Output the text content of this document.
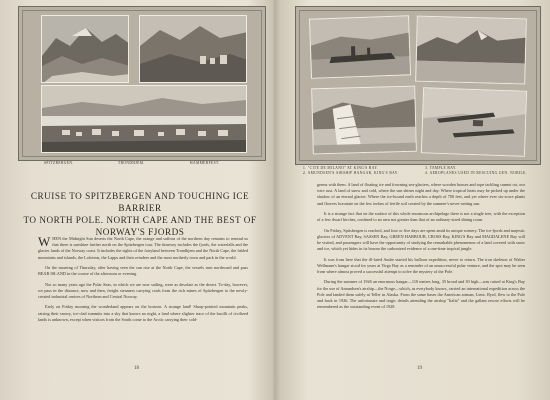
SPITZBERGEN.	TRONDHJEM.	HAMMERFEST.
CRUISE TO SPITZBERGEN AND TOUCHING ICE BARRIER
TO NORTH POLE. NORTH CAPE AND THE BEST OF
NORWAY'S FJORDS

WHEN the Midnight Sun deserts the North Cape, the orange and saffron of the northern day remains to remind us that there is sunshine further north on the Spitzbergen tour. The itinerary includes the fjords, the waterfalls and the glacier lands of the Norway coast. It includes the sights of the fairyland between Trondhjem and the North Cape, the fabled mountains and islands, the Lofotens, the Lapps and their reindeer and the most northerly town and park in the world.

On the morning of Thursday, after having seen the sun rise at the North Cape, the vessels turn northward and pass BEAR ISLAND in the course of the afternoon or evening.

Not so many years ago the Polar Seas, in which we are now sailing, were as desolate as the desert. To-day, however, we pass in the distance, now and then, freight steamers carrying coals from the rich mines of Spitzbergen to the newly-created industrial centres of Northern and Central Norway.

Early on Friday morning the wonderland appears on the horizon. A strange land! Sharp-pointed mountain peaks, raising their snowy, ice-clad summits into a sky that knows no night, a land where slighter trace of the bacilli of civilized lands is unknown, except when visitors from the South come to the Arctic carrying their cold-

18
1. "CITE DE MILANO" AT KING'S BAY.
2. AMUNDSEN'S AIRSHIP HANGAR, KING'S BAY.
3. TEMPLE BAY.
4. AEROPLANES USED IN RESCUING GEN. NOBILE.

germs with them. A land of floating ice and frowning sea-glaciers, where wooden houses and rope tackling cannot rot, nor wire rust. A land of snow and cold, where the sun shines night and day. Where tropical heats may be picked up under the shadow of an eternal glacier. Where the ice-bound earth reaches a depth of 700 feet, and yet where ever six-score plants and flowers luxuriate on the few inches of fertile soil created by the summer's never-setting sun.

It is a strange fact that on the surface of this whole enormous archipelago there is not a single tree, with the exception of a few dwarf birches, confined to an area not greater than that of an ordinary-sized dining room.

On Friday, Spitsbergen is reached, and four or five days are spent amid its unique scenery. The ice-fjords and majestic glaciers of ADVENT Bay, SASSEN Bay, GREEN HARBOUR, CROSS Bay, KING'S Bay and MAGDALENE Bay will be visited, and passengers will have the opportunity of studying the remarkable phenomenon of a land covered with snow and ice, which yet hides in its bosom the carbonized evidence of a one-time tropical jungle.

It was from here that the ill-fated Andre started his balloon expedition, never to return. The iron skeleton of Walter Wellmann's hangar stood for years at Virgo Bay as a reminder of an unsuccessful polar venture, and the spot may be seen from where almost proved a successful attempt to solve the mystery of the Pole.

During the summer of 1926 an enormous hangar—110 metres long, 35 broad and 30 high—was raised at King's Bay for the use of Amundsen's airship—the Norge—which, as everybody knows, carried an international expedition across the Pole and landed them safely at Teller in Alaska. From the same bases the American airman, Lieut. Byrd, flew to the Pole and back in 1926. The unfortunate and tragic details attending the airship "Italia" and the gallant rescue efforts will be remembered as the outstanding event of 1928.

19
